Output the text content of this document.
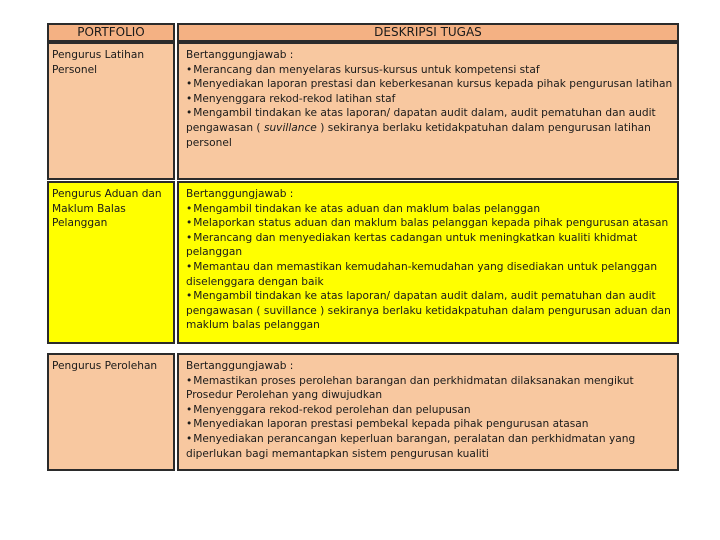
PORTFOLIO	DESKRIPSI TUGAS
Pengurus Latihan Personel
Bertanggungjawab :
•Merancang dan menyelaras kursus-kursus untuk kompetensi staf
•Menyediakan laporan prestasi dan keberkesanan kursus kepada pihak pengurusan latihan
•Menyenggara rekod-rekod latihan staf
•Mengambil tindakan ke atas laporan/ dapatan audit dalam, audit pematuhan dan audit pengawasan ( suvillance ) sekiranya berlaku ketidakpatuhan dalam pengurusan latihan personel
Pengurus Aduan dan Maklum Balas Pelanggan
Bertanggungjawab :
•Mengambil tindakan ke atas aduan dan maklum balas pelanggan
•Melaporkan status aduan dan maklum balas pelanggan kepada pihak pengurusan atasan
•Merancang dan menyediakan kertas cadangan untuk meningkatkan kualiti khidmat pelanggan
•Memantau dan memastikan kemudahan-kemudahan yang disediakan untuk pelanggan diselenggara dengan baik
•Mengambil tindakan ke atas laporan/ dapatan audit dalam, audit pematuhan dan audit pengawasan ( suvillance ) sekiranya berlaku ketidakpatuhan dalam pengurusan aduan dan maklum balas pelanggan
Pengurus Perolehan	Bertanggungjawab :
•Memastikan proses perolehan barangan dan perkhidmatan dilaksanakan mengikut Prosedur Perolehan yang diwujudkan
•Menyenggara rekod-rekod perolehan dan pelupusan
•Menyediakan laporan prestasi pembekal kepada pihak pengurusan atasan
•Menyediakan perancangan keperluan barangan, peralatan dan perkhidmatan yang diperlukan bagi memantapkan sistem pengurusan kualiti
